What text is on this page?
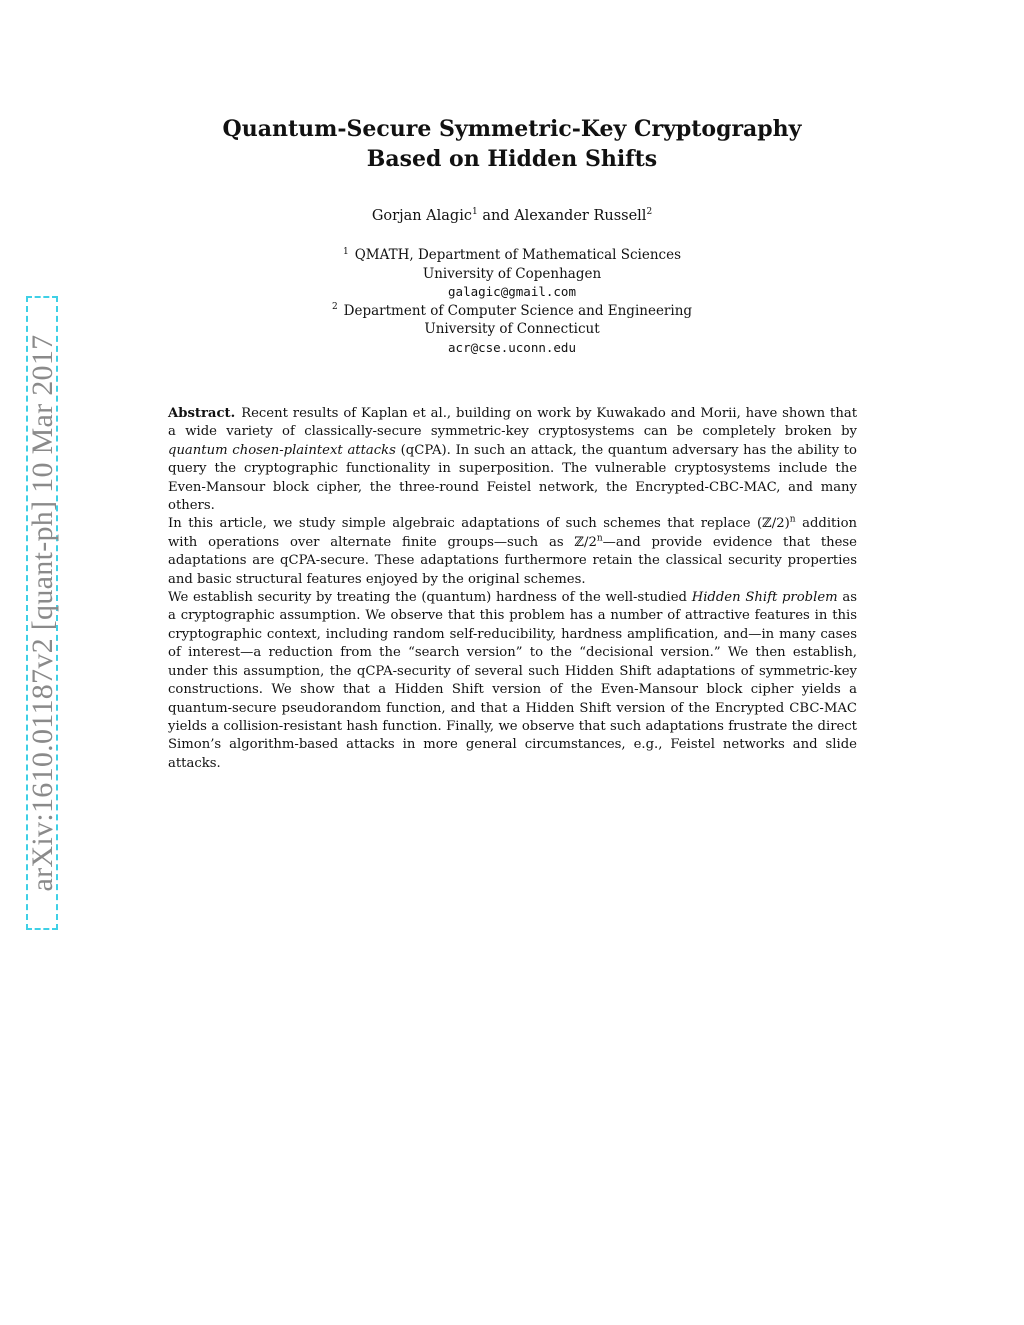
arXiv:1610.01187v2 [quant-ph] 10 Mar 2017
Quantum-Secure Symmetric-Key Cryptography
Based on Hidden Shifts
Gorjan Alagic$^1$ and Alexander Russell$^2$
$^1$ QMATH, Department of Mathematical Sciences
University of Copenhagen
galagic@gmail.com
$^2$ Department of Computer Science and Engineering
University of Connecticut
acr@cse.uconn.edu

Abstract. Recent results of Kaplan et al., building on work by Kuwakado and Morii, have shown that a wide variety of classically-secure symmetric-key cryptosystems can be completely broken by quantum chosen-plaintext attacks (qCPA). In such an attack, the quantum adversary has the ability to query the cryptographic functionality in superposition. The vulnerable cryptosystems include the Even-Mansour block cipher, the three-round Feistel network, the Encrypted-CBC-MAC, and many others.

In this article, we study simple algebraic adaptations of such schemes that replace (ℤ/2)$^n$ addition with operations over alternate finite groups—such as ℤ/2$^n$—and provide evidence that these adaptations are qCPA-secure. These adaptations furthermore retain the classical security properties and basic structural features enjoyed by the original schemes.

We establish security by treating the (quantum) hardness of the well-studied Hidden Shift problem as a cryptographic assumption. We observe that this problem has a number of attractive features in this cryptographic context, including random self-reducibility, hardness amplification, and—in many cases of interest—a reduction from the “search version” to the “decisional version.” We then establish, under this assumption, the qCPA-security of several such Hidden Shift adaptations of symmetric-key constructions. We show that a Hidden Shift version of the Even-Mansour block cipher yields a quantum-secure pseudorandom function, and that a Hidden Shift version of the Encrypted CBC-MAC yields a collision-resistant hash function. Finally, we observe that such adaptations frustrate the direct Simon’s algorithm-based attacks in more general circumstances, e.g., Feistel networks and slide attacks.
